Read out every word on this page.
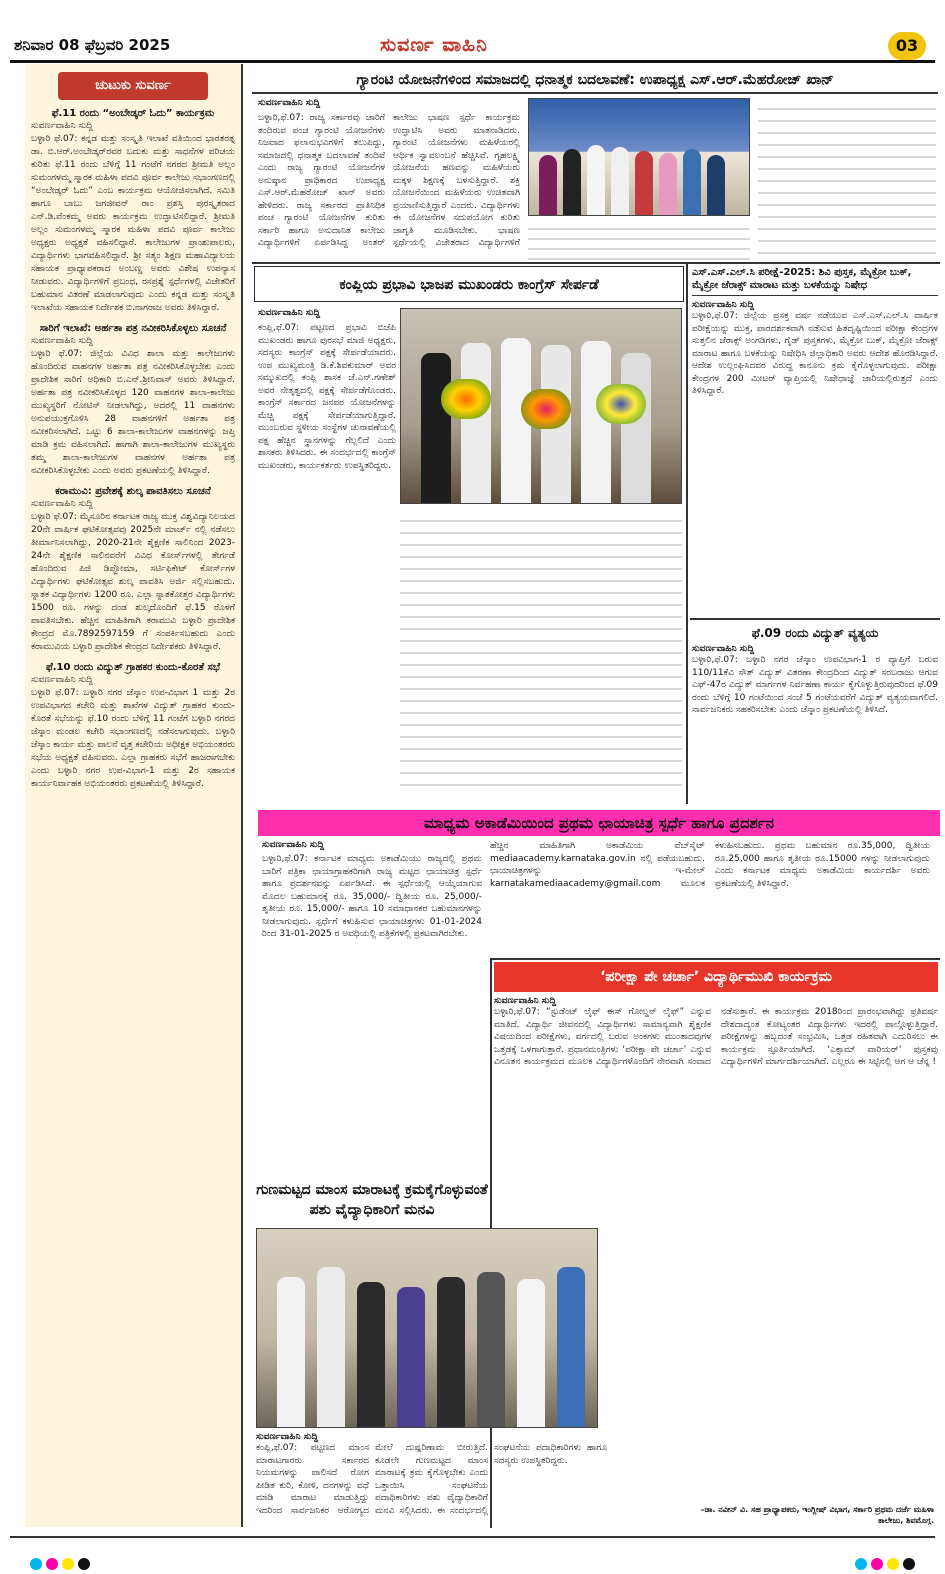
ಶನಿವಾರ 08 ಫೆಬ್ರವರಿ 2025	ಸುವರ್ಣ ವಾಹಿನಿ	03
ಚುಟುಕು ಸುವರ್ಣ
ಫೆ.11 ರಂದು “ಅಂಬೇಡ್ಕರ್ ಓದು” ಕಾರ್ಯಕ್ರಮ
ಸುವರ್ಣವಾಹಿನಿ ಸುದ್ದಿ
ಬಳ್ಳಾರಿ ಫೆ.07: ಕನ್ನಡ ಮತ್ತು ಸಂಸ್ಕೃತಿ ಇಲಾಖೆ ವತಿಯಿಂದ ಭಾರತರತ್ನ ಡಾ. ಬಿ.ಆರ್.ಅಂಬೇಡ್ಕರ್‌ರವರ ಬದುಕು ಮತ್ತು ಸಾಧನೆಗಳ ಪರಿಚಯ ಕುರಿತು ಫೆ.11 ರಂದು ಬೆಳಿಗ್ಗೆ 11 ಗಂಟೆಗೆ ನಗರದ ಶ್ರೀಮತಿ ಅಲ್ಲಂ ಸುಮಂಗಳಮ್ಮ ಸ್ಮಾರಕ ಮಹಿಳಾ ಪದವಿ ಪೂರ್ವ ಕಾಲೇಜು ಸಭಾಂಗಣದಲ್ಲಿ “ಅಂಬೇಡ್ಕರ್ ಓದು” ಎಂಬ ಕಾರ್ಯಕ್ರಮ ಆಯೋಜಿಸಲಾಗಿದೆ. ಸಮಿತಿ ಹಾಗೂ ಬಾಬು ಜಗಜೀವನ್ ರಾಂ ಪ್ರಶಸ್ತಿ ಪುರಸ್ಕೃತರಾದ ಎನ್.ಡಿ.ವೆಂಕಮ್ಮ ಅವರು ಕಾರ್ಯಕ್ರಮ ಉದ್ಘಾಟಿಸಲಿದ್ದಾರೆ. ಶ್ರೀಮತಿ ಅಲ್ಲಂ ಸುಮಂಗಳಮ್ಮ ಸ್ಮಾರಕ ಮಹಿಳಾ ಪದವಿ ಪೂರ್ವ ಕಾಲೇಜು ಅಧ್ಯಕ್ಷರು ಅಧ್ಯಕ್ಷತೆ ವಹಿಸಲಿದ್ದಾರೆ. ಕಾಲೇಜುಗಳ ಪ್ರಾಂಶುಪಾಲರು, ವಿದ್ಯಾರ್ಥಿಗಳು ಭಾಗವಹಿಸಲಿದ್ದಾರೆ. ಶ್ರೀ ಸತ್ಯಂ ಶಿಕ್ಷಣ ಮಹಾವಿದ್ಯಾಲಯ ಸಹಾಯಕ ಪ್ರಾಧ್ಯಾಪಕರಾದ ಅಂಬಣ್ಣ ಅವರು ವಿಶೇಷ ಉಪನ್ಯಾಸ ನೀಡುವರು. ವಿದ್ಯಾರ್ಥಿಗಳಿಗೆ ಪ್ರಬಂಧ, ರಸಪ್ರಶ್ನೆ ಸ್ಪರ್ಧೆಗಳಲ್ಲಿ ವಿಜೇತರಿಗೆ ಬಹುಮಾನ ವಿತರಣೆ ಮಾಡಲಾಗುವುದು ಎಂದು ಕನ್ನಡ ಮತ್ತು ಸಂಸ್ಕೃತಿ ಇಲಾಖೆಯ ಸಹಾಯಕ ನಿರ್ದೇಶಕ ಬಿ.ನಾಗರಾಜ ಅವರು ತಿಳಿಸಿದ್ದಾರೆ.
ಸಾರಿಗೆ ಇಲಾಖೆ: ಅರ್ಹತಾ ಪತ್ರ ನವೀಕರಿಸಿಕೊಳ್ಳಲು ಸೂಚನೆ
ಸುವರ್ಣವಾಹಿನಿ ಸುದ್ದಿ
ಬಳ್ಳಾರಿ ಫೆ.07: ಜಿಲ್ಲೆಯ ವಿವಿಧ ಶಾಲಾ ಮತ್ತು ಕಾಲೇಜುಗಳು ಹೊಂದಿರುವ ವಾಹನಗಳ ಅರ್ಹತಾ ಪತ್ರ ನವೀಕರಿಸಿಕೊಳ್ಳಬೇಕು ಎಂದು ಪ್ರಾದೇಶಿಕ ಸಾರಿಗೆ ಅಧಿಕಾರಿ ಬಿ.ಎನ್.ಶ್ರೀನಿವಾಸ್ ಅವರು ತಿಳಿಸಿದ್ದಾರೆ. ಅರ್ಹತಾ ಪತ್ರ ನವೀಕರಿಸಿಕೊಳ್ಳದ 120 ವಾಹನಗಳ ಶಾಲಾ-ಕಾಲೇಜು ಮುಖ್ಯಸ್ಥರಿಗೆ ನೋಟಿಸ್ ನೀಡಲಾಗಿದ್ದು, ಅದರಲ್ಲಿ 11 ವಾಹನಗಳು ಅನುಪಯುಕ್ತಗೊಳಿಸಿ 28 ವಾಹನಗಳಿಗೆ ಅರ್ಹತಾ ಪತ್ರ ನವೀಕರಿಸಲಾಗಿದೆ. ಒಟ್ಟು 6 ಶಾಲಾ-ಕಾಲೇಜುಗಳ ವಾಹನಗಳನ್ನು ಜಪ್ತಿ ಮಾಡಿ ಕ್ರಮ ವಹಿಸಲಾಗಿದೆ. ಹಾಗಾಗಿ ಶಾಲಾ-ಕಾಲೇಜುಗಳ ಮುಖ್ಯಸ್ಥರು ತಮ್ಮ ಶಾಲಾ-ಕಾಲೇಜುಗಳ ವಾಹನಗಳ ಅರ್ಹತಾ ಪತ್ರ ನವೀಕರಿಸಿಕೊಳ್ಳಬೇಕು ಎಂದು ಅವರು ಪ್ರಕಟಣೆಯಲ್ಲಿ ತಿಳಿಸಿದ್ದಾರೆ.
ಕರಾಮುವಿ: ಪ್ರವೇಶಕ್ಕೆ ಶುಲ್ಕ ಪಾವತಿಸಲು ಸೂಚನೆ
ಸುವರ್ಣವಾಹಿನಿ ಸುದ್ದಿ
ಬಳ್ಳಾರಿ ಫೆ.07: ಮೈಸೂರಿನ ಕರ್ನಾಟಕ ರಾಜ್ಯ ಮುಕ್ತ ವಿಶ್ವವಿದ್ಯಾನಿಲಯದ 20ನೇ ವಾರ್ಷಿಕ ಘಟಿಕೋತ್ಸವವು 2025ನೇ ಮಾರ್ಚ್ ನಲ್ಲಿ ನಡೆಸಲು ತೀರ್ಮಾನಿಸಲಾಗಿದ್ದು, 2020-21ನೇ ಶೈಕ್ಷಣಿಕ ಸಾಲಿನಿಂದ 2023-24ನೇ ಶೈಕ್ಷಣಿಕ ಸಾಲಿನವರೆಗೆ ವಿವಿಧ ಕೋರ್ಸ್‌ಗಳಲ್ಲಿ ತೇರ್ಗಡೆ ಹೊಂದಿರುವ ಪಿಜಿ ಡಿಪ್ಲೋಮಾ, ಸರ್ಟಿಫಿಕೇಟ್ ಕೋರ್ಸ್‌ಗಳ ವಿದ್ಯಾರ್ಥಿಗಳು ಘಟಿಕೋತ್ಸವ ಶುಲ್ಕ ಪಾವತಿಸಿ ಅರ್ಜಿ ಸಲ್ಲಿಸಬಹುದು. ಸ್ನಾತಕ ವಿದ್ಯಾರ್ಥಿಗಳು 1200 ರೂ. ಎಲ್ಲಾ ಸ್ನಾತಕೋತ್ತರ ವಿದ್ಯಾರ್ಥಿಗಳು 1500 ರೂ. ಗಳನ್ನು ದಂಡ ಶುಲ್ಕದೊಂದಿಗೆ ಫೆ.15 ರೊಳಗೆ ಪಾವತಿಸಬೇಕು. ಹೆಚ್ಚಿನ ಮಾಹಿತಿಗಾಗಿ ಕರಾಮುವಿ ಬಳ್ಳಾರಿ ಪ್ರಾದೇಶಿಕ ಕೇಂದ್ರದ ಮೊ.7892597159 ಗೆ ಸಂಪರ್ಕಿಸಬಹುದು ಎಂದು ಕರಾಮುವಿಯ ಬಳ್ಳಾರಿ ಪ್ರಾದೇಶಿಕ ಕೇಂದ್ರದ ನಿರ್ದೇಶಕರು ತಿಳಿಸಿದ್ದಾರೆ.
ಫೆ.10 ರಂದು ವಿದ್ಯುತ್ ಗ್ರಾಹಕರ ಕುಂದು-ಕೊರತೆ ಸಭೆ
ಸುವರ್ಣವಾಹಿನಿ ಸುದ್ದಿ
ಬಳ್ಳಾರಿ ಫೆ.07: ಬಳ್ಳಾರಿ ನಗರ ಜೆಸ್ಕಾಂ ಉಪ-ವಿಭಾಗ 1 ಮತ್ತು 2ರ ಉಪವಿಭಾಗದ ಕಚೇರಿ ಮತ್ತು ಶಾಖೆಗಳ ವಿದ್ಯುತ್ ಗ್ರಾಹಕರ ಕುಂದು-ಕೊರತೆ ಸಭೆಯನ್ನು ಫೆ.10 ರಂದು ಬೆಳಿಗ್ಗೆ 11 ಗಂಟೆಗೆ ಬಳ್ಳಾರಿ ನಗರದ ಜೆಸ್ಕಾಂ ಮಂಡಲ ಕಚೇರಿ ಸಭಾಂಗಣದಲ್ಲಿ ನಡೆಸಲಾಗುವುದು. ಬಳ್ಳಾರಿ ಜೆಸ್ಕಾಂ ಕಾರ್ಯ ಮತ್ತು ಪಾಲನೆ ವೃತ್ತ ಕಚೇರಿಯ ಅಧೀಕ್ಷಕ ಅಭಿಯಂತರರು ಸಭೆಯ ಅಧ್ಯಕ್ಷತೆ ವಹಿಸುವರು. ಎಲ್ಲಾ ಗ್ರಾಹಕರು ಸಭೆಗೆ ಹಾಜರಾಗಬೇಕು ಎಂದು ಬಳ್ಳಾರಿ ನಗರ ಉಪ-ವಿಭಾಗ-1 ಮತ್ತು 2ರ ಸಹಾಯಕ ಕಾರ್ಯನಿರ್ವಾಹಕ ಅಭಿಯಂತರರು ಪ್ರಕಟಣೆಯಲ್ಲಿ ತಿಳಿಸಿದ್ದಾರೆ.
ಗ್ಯಾರಂಟಿ ಯೋಜನೆಗಳಿಂದ ಸಮಾಜದಲ್ಲಿ ಧನಾತ್ಮಕ ಬದಲಾವಣೆ: ಉಪಾಧ್ಯಕ್ಷ ಎಸ್.ಆರ್.ಮೆಹರೋಜ್ ಖಾನ್
ಸುವರ್ಣವಾಹಿನಿ ಸುದ್ದಿ
ಬಳ್ಳಾರಿ,ಫೆ.07: ರಾಜ್ಯ ಸರ್ಕಾರವು ಜಾರಿಗೆ ತಂದಿರುವ ಪಂಚ ಗ್ಯಾರಂಟಿ ಯೋಜನೆಗಳು ನಿಜವಾದ ಫಲಾನುಭವಿಗಳಿಗೆ ತಲುಪಿದ್ದು, ಸಮಾಜದಲ್ಲಿ ಧನಾತ್ಮಕ ಬದಲಾವಣೆ ತಂದಿವೆ ಎಂದು ರಾಜ್ಯ ಗ್ಯಾರಂಟಿ ಯೋಜನೆಗಳ ಅನುಷ್ಠಾನ ಪ್ರಾಧಿಕಾರದ ಉಪಾಧ್ಯಕ್ಷ ಎಸ್.ಆರ್.ಮೆಹರೋಜ್ ಖಾನ್ ಅವರು ಹೇಳಿದರು. ರಾಜ್ಯ ಸರ್ಕಾರದ ಪ್ರಾತಿನಿಧಿಕ ಪಂಚ ಗ್ಯಾರಂಟಿ ಯೋಜನೆಗಳ ಕುರಿತು ಸರ್ಕಾರಿ ಹಾಗೂ ಅನುದಾನಿತ ಕಾಲೇಜು ವಿದ್ಯಾರ್ಥಿಗಳಿಗೆ ಏರ್ಪಡಿಸಿದ್ದ ಅಂತರ್ ಕಾಲೇಜು ಭಾಷಣ ಸ್ಪರ್ಧೆ ಕಾರ್ಯಕ್ರಮ ಉದ್ಘಾಟಿಸಿ ಅವರು ಮಾತನಾಡಿದರು. ಗ್ಯಾರಂಟಿ ಯೋಜನೆಗಳು ಮಹಿಳೆಯರಲ್ಲಿ ಆರ್ಥಿಕ ಸ್ವಾವಲಂಬನೆ ಹೆಚ್ಚಿಸಿವೆ. ಗೃಹಲಕ್ಷ್ಮಿ ಯೋಜನೆಯ ಹಣವನ್ನು ಮಹಿಳೆಯರು ಮಕ್ಕಳ ಶಿಕ್ಷಣಕ್ಕೆ ಬಳಸುತ್ತಿದ್ದಾರೆ. ಶಕ್ತಿ ಯೋಜನೆಯಿಂದ ಮಹಿಳೆಯರು ಉಚಿತವಾಗಿ ಪ್ರಯಾಣಿಸುತ್ತಿದ್ದಾರೆ ಎಂದರು. ವಿದ್ಯಾರ್ಥಿಗಳು ಈ ಯೋಜನೆಗಳ ಸದುಪಯೋಗ ಕುರಿತು ಜಾಗೃತಿ ಮೂಡಿಸಬೇಕು. ಭಾಷಣ ಸ್ಪರ್ಧೆಯಲ್ಲಿ ವಿಜೇತರಾದ ವಿದ್ಯಾರ್ಥಿಗಳಿಗೆ
ಕಂಪ್ಲಿಯ ಪ್ರಭಾವಿ ಭಾಜಪ ಮುಖಂಡರು ಕಾಂಗ್ರೆಸ್ ಸೇರ್ಪಡೆ
ಸುವರ್ಣವಾಹಿನಿ ಸುದ್ದಿ
ಕಂಪ್ಲಿ,ಫೆ.07: ಪಟ್ಟಣದ ಪ್ರಭಾವಿ ಬಿಜೆಪಿ ಮುಖಂಡರು ಹಾಗೂ ಪುರಸಭೆ ಮಾಜಿ ಅಧ್ಯಕ್ಷರು, ಸದಸ್ಯರು ಕಾಂಗ್ರೆಸ್ ಪಕ್ಷಕ್ಕೆ ಸೇರ್ಪಡೆಯಾದರು. ಉಪ ಮುಖ್ಯಮಂತ್ರಿ ಡಿ.ಕೆ.ಶಿವಕುಮಾರ್ ಅವರ ಸಮ್ಮುಖದಲ್ಲಿ ಕಂಪ್ಲಿ ಶಾಸಕ ಜೆ.ಎನ್.ಗಣೇಶ್ ಅವರ ನೇತೃತ್ವದಲ್ಲಿ ಪಕ್ಷಕ್ಕೆ ಸೇರ್ಪಡೆಗೊಂಡರು. ಕಾಂಗ್ರೆಸ್ ಸರ್ಕಾರದ ಜನಪರ ಯೋಜನೆಗಳನ್ನು ಮೆಚ್ಚಿ ಪಕ್ಷಕ್ಕೆ ಸೇರ್ಪಡೆಯಾಗುತ್ತಿದ್ದಾರೆ. ಮುಂಬರುವ ಸ್ಥಳೀಯ ಸಂಸ್ಥೆಗಳ ಚುನಾವಣೆಯಲ್ಲಿ ಪಕ್ಷ ಹೆಚ್ಚಿನ ಸ್ಥಾನಗಳನ್ನು ಗೆಲ್ಲಲಿದೆ ಎಂದು ಶಾಸಕರು ತಿಳಿಸಿದರು. ಈ ಸಂದರ್ಭದಲ್ಲಿ ಕಾಂಗ್ರೆಸ್ ಮುಖಂಡರು, ಕಾರ್ಯಕರ್ತರು ಉಪಸ್ಥಿತರಿದ್ದರು.
ಎಸ್.ಎಸ್.ಎಲ್.ಸಿ ಪರೀಕ್ಷೆ-2025: ಶಿವಿ ಪುಸ್ತಕ, ಮೈಕ್ರೋ ಬುಕ್, ಮೈಕ್ರೋ ಜೆರಾಕ್ಸ್ ಮಾರಾಟ ಮತ್ತು ಬಳಕೆಯನ್ನು ನಿಷೇಧ
ಸುವರ್ಣವಾಹಿನಿ ಸುದ್ದಿ
ಬಳ್ಳಾರಿ,ಫೆ.07: ಜಿಲ್ಲೆಯ ಪ್ರಸಕ್ತ ವರ್ಷ ನಡೆಯುವ ಎಸ್.ಎಸ್.ಎಲ್.ಸಿ ವಾರ್ಷಿಕ ಪರೀಕ್ಷೆಯನ್ನು ಮುಕ್ತ, ಪಾರದರ್ಶಕವಾಗಿ ನಡೆಸುವ ಹಿತದೃಷ್ಟಿಯಿಂದ ಪರೀಕ್ಷಾ ಕೇಂದ್ರಗಳ ಸುತ್ತಲಿನ ಜೆರಾಕ್ಸ್ ಅಂಗಡಿಗಳು, ಗೈಡ್ ಪುಸ್ತಕಗಳು, ಮೈಕ್ರೋ ಬುಕ್, ಮೈಕ್ರೋ ಜೆರಾಕ್ಸ್ ಮಾರಾಟ ಹಾಗೂ ಬಳಕೆಯನ್ನು ನಿಷೇಧಿಸಿ ಜಿಲ್ಲಾಧಿಕಾರಿ ಅವರು ಆದೇಶ ಹೊರಡಿಸಿದ್ದಾರೆ. ಆದೇಶ ಉಲ್ಲಂಘಿಸಿದವರ ವಿರುದ್ಧ ಕಾನೂನು ಕ್ರಮ ಕೈಗೊಳ್ಳಲಾಗುವುದು. ಪರೀಕ್ಷಾ ಕೇಂದ್ರಗಳ 200 ಮೀಟರ್ ವ್ಯಾಪ್ತಿಯಲ್ಲಿ ನಿಷೇಧಾಜ್ಞೆ ಜಾರಿಯಲ್ಲಿರುತ್ತದೆ ಎಂದು ತಿಳಿಸಿದ್ದಾರೆ.
ಫೆ.09 ರಂದು ವಿದ್ಯುತ್ ವ್ಯತ್ಯಯ
ಸುವರ್ಣವಾಹಿನಿ ಸುದ್ದಿ
ಬಳ್ಳಾರಿ,ಫೆ.07: ಬಳ್ಳಾರಿ ನಗರ ಜೆಸ್ಕಾಂ ಉಪವಿಭಾಗ-1 ರ ವ್ಯಾಪ್ತಿಗೆ ಬರುವ 110/11ಕೆವಿ ಸೌತ್ ವಿದ್ಯುತ್ ವಿತರಣಾ ಕೇಂದ್ರದಿಂದ ವಿದ್ಯುತ್ ಸರಬರಾಜು ಆಗುವ ಎಫ್-47ರ ವಿದ್ಯುತ್ ಮಾರ್ಗಗಳ ನಿರ್ವಹಣಾ ಕಾರ್ಯ ಕೈಗೊಳ್ಳುತ್ತಿರುವುದರಿಂದ ಫೆ.09 ರಂದು ಬೆಳಿಗ್ಗೆ 10 ಗಂಟೆಯಿಂದ ಸಂಜೆ 5 ಗಂಟೆಯವರೆಗೆ ವಿದ್ಯುತ್ ವ್ಯತ್ಯಯವಾಗಲಿದೆ. ಸಾರ್ವಜನಿಕರು ಸಹಕರಿಸಬೇಕು ಎಂದು ಜೆಸ್ಕಾಂ ಪ್ರಕಟಣೆಯಲ್ಲಿ ತಿಳಿಸಿದೆ.
ಮಾಧ್ಯಮ ಅಕಾಡೆಮಿಯಿಂದ ಪ್ರಥಮ ಛಾಯಾಚಿತ್ರ ಸ್ಪರ್ಧೆ ಹಾಗೂ ಪ್ರದರ್ಶನ
ಸುವರ್ಣವಾಹಿನಿ ಸುದ್ದಿ
ಬಳ್ಳಾರಿ,ಫೆ.07: ಕರ್ನಾಟಕ ಮಾಧ್ಯಮ ಅಕಾಡೆಮಿಯು ರಾಜ್ಯದಲ್ಲಿ ಪ್ರಥಮ ಬಾರಿಗೆ ಪತ್ರಿಕಾ ಛಾಯಾಗ್ರಾಹಕರಿಗಾಗಿ ರಾಜ್ಯ ಮಟ್ಟದ ಛಾಯಾಚಿತ್ರ ಸ್ಪರ್ಧೆ ಹಾಗೂ ಪ್ರದರ್ಶನವನ್ನು ಏರ್ಪಡಿಸಿದೆ. ಈ ಸ್ಪರ್ಧೆಯಲ್ಲಿ ಆಯ್ಕೆಯಾಗುವ ಮೊದಲ ಬಹುಮಾನಕ್ಕೆ ರೂ. 35,000/- ದ್ವಿತೀಯ ರೂ. 25,000/- ತೃತೀಯ ರೂ. 15,000/- ಹಾಗೂ 10 ಸಮಾಧಾನಕರ ಬಹುಮಾನಗಳನ್ನು ನೀಡಲಾಗುವುದು. ಸ್ಪರ್ಧೆಗೆ ಕಳುಹಿಸುವ ಛಾಯಾಚಿತ್ರಗಳು 01-01-2024 ರಿಂದ 31-01-2025 ರ ಅವಧಿಯಲ್ಲಿ ಪತ್ರಿಕೆಗಳಲ್ಲಿ ಪ್ರಕಟವಾಗಿರಬೇಕು.
ಹೆಚ್ಚಿನ ಮಾಹಿತಿಗಾಗಿ ಅಕಾಡೆಮಿಯ ವೆಬ್‌ಸೈಟ್ mediaacademy.karnataka.gov.in ನಲ್ಲಿ ಪಡೆಯಬಹುದು. ಛಾಯಾಚಿತ್ರಗಳನ್ನು ಇ-ಮೇಲ್ karnatakamediaacademy@gmail.com ಮೂಲಕ ಕಳುಹಿಸಬಹುದು. ಪ್ರಥಮ ಬಹುಮಾನ ರೂ.35,000, ದ್ವಿತೀಯ ರೂ.25,000 ಹಾಗೂ ತೃತೀಯ ರೂ.15000 ಗಳನ್ನು ನೀಡಲಾಗುವುದು ಎಂದು ಕರ್ನಾಟಕ ಮಾಧ್ಯಮ ಅಕಾಡೆಮಿಯ ಕಾರ್ಯದರ್ಶಿ ಅವರು ಪ್ರಕಟಣೆಯಲ್ಲಿ ತಿಳಿಸಿದ್ದಾರೆ.
‘ಪರೀಕ್ಷಾ ಪೇ ಚರ್ಚಾ’ ವಿದ್ಯಾರ್ಥಿಮುಖಿ ಕಾರ್ಯಕ್ರಮ
ಸುವರ್ಣವಾಹಿನಿ ಸುದ್ದಿ
ಬಳ್ಳಾರಿ,ಫೆ.07: “ಸ್ಟುಡೆಂಟ್ ಲೈಫ್ ಈಸ್ ಗೋಲ್ಡನ್ ಲೈಫ್” ಎನ್ನುವ ಮಾತಿದೆ. ವಿದ್ಯಾರ್ಥಿ ಜೀವನದಲ್ಲಿ ವಿದ್ಯಾರ್ಥಿಗಳು ಸಾಮಾನ್ಯವಾಗಿ ಶೈಕ್ಷಣಿಕ ವಿಷಯದಿಂದ ಪರೀಕ್ಷೆಗಳು, ವರ್ಗದಲ್ಲಿ ಬರುವ ಅಂಕಗಳು ಮುಂತಾದವುಗಳ ಒತ್ತಡಕ್ಕೆ ಒಳಗಾಗುತ್ತಾರೆ. ಪ್ರಧಾನಮಂತ್ರಿಗಳು ‘ಪರೀಕ್ಷಾ ಪೇ ಚರ್ಚಾ’ ಎನ್ನುವ ವಿನೂತನ ಕಾರ್ಯಕ್ರಮದ ಮೂಲಕ ವಿದ್ಯಾರ್ಥಿಗಳೊಂದಿಗೆ ನೇರವಾಗಿ ಸಂವಾದ ನಡೆಸುತ್ತಾರೆ. ಈ ಕಾರ್ಯಕ್ರಮ 2018ರಿಂದ ಪ್ರಾರಂಭವಾಗಿದ್ದು ಪ್ರತಿವರ್ಷ ದೇಶದಾದ್ಯಂತ ಕೋಟ್ಯಂತರ ವಿದ್ಯಾರ್ಥಿಗಳು ಇದರಲ್ಲಿ ಪಾಲ್ಗೊಳ್ಳುತ್ತಿದ್ದಾರೆ. ಪರೀಕ್ಷೆಗಳನ್ನು ಹಬ್ಬದಂತೆ ಸಂಭ್ರಮಿಸಿ, ಒತ್ತಡ ರಹಿತವಾಗಿ ಎದುರಿಸಲು ಈ ಕಾರ್ಯಕ್ರಮ ಸ್ಫೂರ್ತಿಯಾಗಿದೆ. ‘ಎಕ್ಸಾಮ್ ವಾರಿಯರ್’ ಪುಸ್ತಕವು ವಿದ್ಯಾರ್ಥಿಗಳಿಗೆ ಮಾರ್ಗದರ್ಶಿಯಾಗಿದೆ. ಎಲ್ಲರೂ ಈ ಸಿಟ್ಟಿನಲ್ಲಿ ಆಗ ಆ ಚೆನ್ನ !
–ಡಾ. ನವೀನ್ ವಿ. ಸಹ ಪ್ರಾಧ್ಯಾಪಕರು, ಇಂಗ್ಲೀಷ್ ವಿಭಾಗ, ಸರ್ಕಾರಿ ಪ್ರಥಮ ದರ್ಜೆ ಮಹಿಳಾ ಕಾಲೇಜು, ಶಿವಮೊಗ್ಗ.
ಗುಣಮಟ್ಟದ ಮಾಂಸ ಮಾರಾಟಕ್ಕೆ ಕ್ರಮಕೈಗೊಳ್ಳುವಂತೆ ಪಶು ವೈದ್ಯಾಧಿಕಾರಿಗೆ ಮನವಿ
ಸುವರ್ಣವಾಹಿನಿ ಸುದ್ದಿ
ಕಂಪ್ಲಿ,ಫೆ.07: ಪಟ್ಟಣದ ಮಾಂಸ ಮಾರಾಟಗಾರರು ಸರ್ಕಾರದ ನಿಯಮಗಳನ್ನು ಪಾಲಿಸದೆ ರೋಗ ಪೀಡಿತ ಕುರಿ, ಕೋಳಿ, ದನಗಳನ್ನು ವಧೆ ಮಾಡಿ ಮಾರಾಟ ಮಾಡುತ್ತಿದ್ದು ಇದರಿಂದ ಸಾರ್ವಜನಿಕರ ಆರೋಗ್ಯದ ಮೇಲೆ ದುಷ್ಪರಿಣಾಮ ಬೀರುತ್ತಿದೆ. ಕೂಡಲೇ ಗುಣಮಟ್ಟದ ಮಾಂಸ ಮಾರಾಟಕ್ಕೆ ಕ್ರಮ ಕೈಗೊಳ್ಳಬೇಕು ಎಂದು ಒತ್ತಾಯಿಸಿ ಸಂಘಟನೆಯ ಪದಾಧಿಕಾರಿಗಳು ಪಶು ವೈದ್ಯಾಧಿಕಾರಿಗೆ ಮನವಿ ಸಲ್ಲಿಸಿದರು. ಈ ಸಂದರ್ಭದಲ್ಲಿ ಸಂಘಟನೆಯ ಪದಾಧಿಕಾರಿಗಳು ಹಾಗೂ ಸದಸ್ಯರು ಉಪಸ್ಥಿತರಿದ್ದರು.
